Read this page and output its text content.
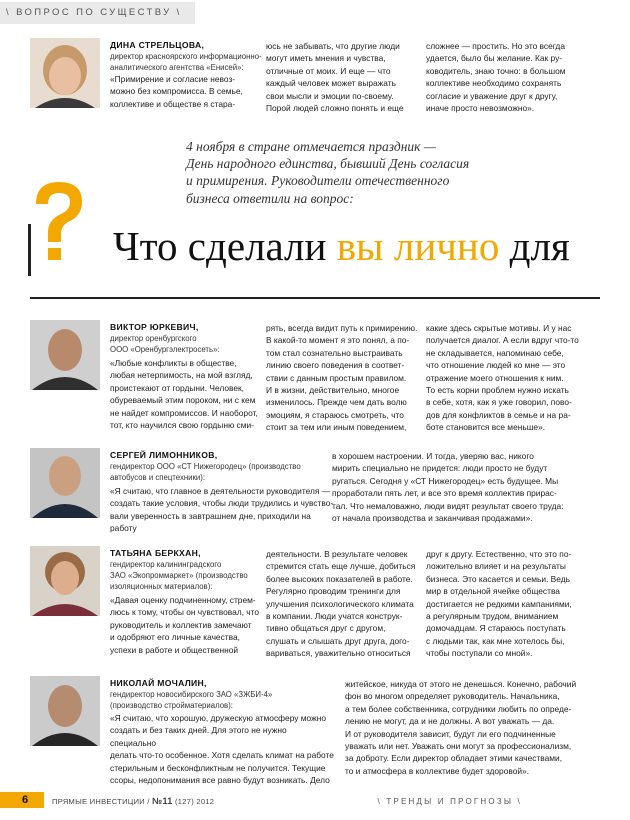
\ ВОПРОС ПО СУЩЕСТВУ \
ДИНА СТРЕЛЬЦОВА,

директор красноярского информационно-
аналитического агентства «Енисей»:

«Примирение и согласие невоз-
можно без компромисса. В семье,
коллективе и обществе я стара-

юсь не забывать, что другие люди
могут иметь мнения и чувства,
отличные от моих. И еще — что
каждый человек может выражать
свои мысли и эмоции по-своему.
Порой людей сложно понять и еще

сложнее — простить. Но это всегда
удается, было бы желание. Как ру-
ководитель, знаю точно: в большом
коллективе необходимо сохранять
согласие и уважение друг к другу,
иначе просто невозможно».

4 ноября в стране отмечается праздник —
День народного единства, бывший День согласия
и примирения. Руководители отечественного
бизнеса ответили на вопрос:

Что сделали вы лично для
ВИКТОР ЮРКЕВИЧ,

директор оренбургского
ООО «Оренбургэлектросеть»:

«Любые конфликты в обществе,
любая нетерпимость, на мой взгляд,
проистекают от гордыни. Человек,
обуреваемый этим пороком, ни с кем
не найдет компромиссов. И наоборот,
тот, кто научился свою гордыню сми-

рять, всегда видит путь к примирению.
В какой-то момент я это понял, а по-
том стал сознательно выстраивать
линию своего поведения в соответ-
ствии с данным простым правилом.
И в жизни, действительно, многое
изменилось. Прежде чем дать волю
эмоциям, я стараюсь смотреть, что
стоит за тем или иным поведением,

какие здесь скрытые мотивы. И у нас
получается диалог. А если вдруг что-то
не складывается, напоминаю себе,
что отношение людей ко мне — это
отражение моего отношения к ним.
То есть корни проблем нужно искать
в себе, хотя, как я уже говорил, пово-
дов для конфликтов в семье и на ра-
боте становится все меньше».

СЕРГЕЙ ЛИМОННИКОВ,

гендиректор ООО «СТ Нижегородец» (производство
автобусов и спецтехники):

«Я считаю, что главное в деятельности руководителя —
создать такие условия, чтобы люди трудились и чувство-
вали уверенность в завтрашнем дне, приходили на работу

в хорошем настроении. И тогда, уверяю вас, никого
мирить специально не придется: люди просто не будут
ругаться. Сегодня у «СТ Нижегородец» есть будущее. Мы
проработали пять лет, и все это время коллектив прирас-
тал. Что немаловажно, люди видят результат своего труда:
от начала производства и заканчивая продажами».

ТАТЬЯНА БЕРКХАН,

гендиректор калининградского
ЗАО «Экопроммаркет» (производство
изоляционных материалов):

«Давая оценку подчиненному, стрем-
люсь к тому, чтобы он чувствовал, что
руководитель и коллектив замечают
и одобряют его личные качества,
успехи в работе и общественной

деятельности. В результате человек
стремится стать еще лучше, добиться
более высоких показателей в работе.
Регулярно проводим тренинги для
улучшения психологического климата
в компании. Люди учатся конструк-
тивно общаться друг с другом,
слушать и слышать друг друга, дого-
вариваться, уважительно относиться

друг к другу. Естественно, что это по-
ложительно влияет и на результаты
бизнеса. Это касается и семьи. Ведь
мир в отдельной ячейке общества
достигается не редкими кампаниями,
а регулярным трудом, вниманием
домочадцам. Я стараюсь поступать
с людьми так, как мне хотелось бы,
чтобы поступали со мной».

НИКОЛАЙ МОЧАЛИН,

гендиректор новосибирского ЗАО «ЗЖБИ-4»
(производство стройматериалов):

«Я считаю, что хорошую, дружескую атмосферу можно
создать и без таких дней. Для этого не нужно специально
делать что-то особенное. Хотя сделать климат на работе
стерильным и бесконфликтным не получится. Текущие
ссоры, недопонимания все равно будут возникать. Дело

житейское, никуда от этого не денешься. Конечно, рабочий
фон во многом определяет руководитель. Начальника,
а тем более собственника, сотрудники любить по опреде-
лению не могут, да и не должны. А вот уважать — да.
И от руководителя зависит, будут ли его подчиненные
уважать или нет. Уважать они могут за профессионализм,
за доброту. Если директор обладает этими качествами,
то и атмосфера в коллективе будет здоровой».

6	ПРЯМЫЕ ИНВЕСТИЦИИ / №11 (127) 2012	\ ТРЕНДЫ И ПРОГНОЗЫ \
